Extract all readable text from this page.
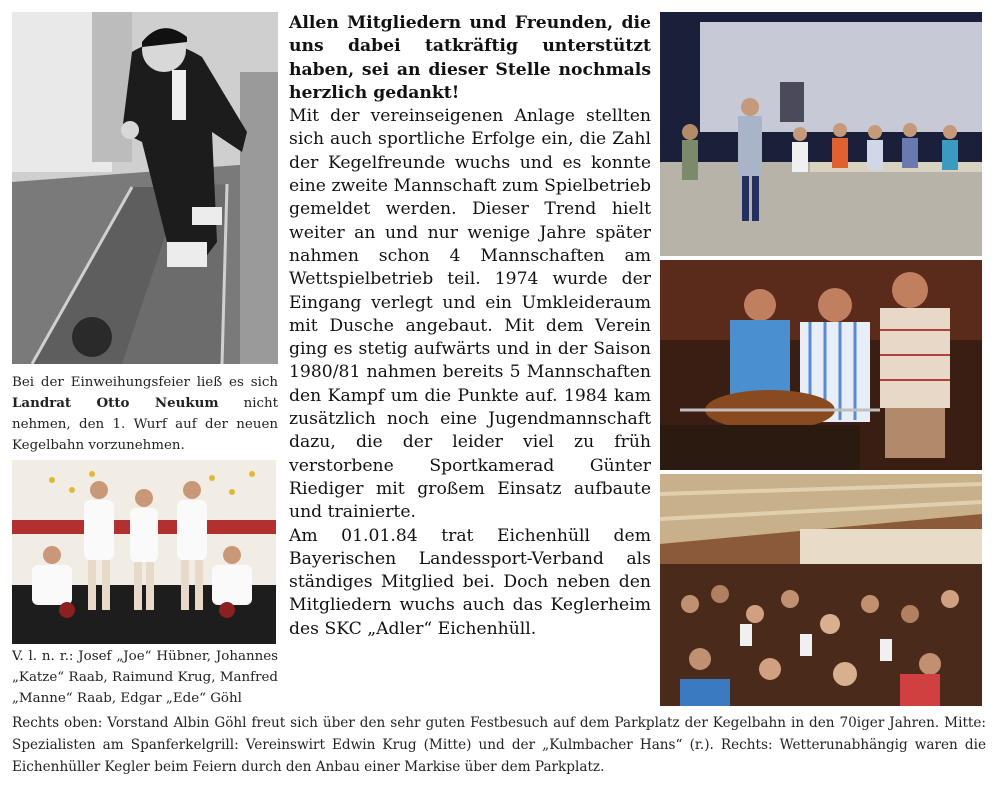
Bei der Einweihungsfeier ließ es sich Landrat Otto Neukum nicht nehmen, den 1. Wurf auf der neuen Kegelbahn vorzunehmen.
V. l. n. r.: Josef „Joe“ Hübner, Johannes „Katze“ Raab, Raimund Krug, Manfred „Manne“ Raab, Edgar „Ede“ Göhl

Allen Mitgliedern und Freunden, die uns dabei tatkräftig unterstützt haben, sei an dieser Stelle nochmals herzlich gedankt!

Mit der vereinseigenen Anlage stellten sich auch sportliche Erfolge ein, die Zahl der Kegelfreunde wuchs und es konnte eine zweite Mannschaft zum Spielbetrieb gemeldet werden. Dieser Trend hielt weiter an und nur wenige Jahre später nahmen schon 4 Mannschaften am Wettspielbetrieb teil. 1974 wurde der Eingang verlegt und ein Umkleideraum mit Dusche angebaut. Mit dem Verein ging es stetig aufwärts und in der Saison 1980/81 nahmen bereits 5 Mannschaften den Kampf um die Punkte auf. 1984 kam zusätzlich noch eine Jugendmannschaft dazu, die der leider viel zu früh verstorbene Sportkamerad Günter Riediger mit großem Einsatz aufbaute und trainierte.

Am 01.01.84 trat Eichenhüll dem Bayerischen Landessport-Verband als ständiges Mitglied bei. Doch neben den Mitgliedern wuchs auch das Keglerheim des SKC „Adler“ Eichenhüll.

Rechts oben: Vorstand Albin Göhl freut sich über den sehr guten Festbesuch auf dem Parkplatz der Kegelbahn in den 70iger Jahren. Mitte: Spezialisten am Spanferkelgrill: Vereinswirt Edwin Krug (Mitte) und der „Kulmbacher Hans“ (r.). Rechts: Wetterunabhängig waren die Eichenhüller Kegler beim Feiern durch den Anbau einer Markise über dem Parkplatz.
